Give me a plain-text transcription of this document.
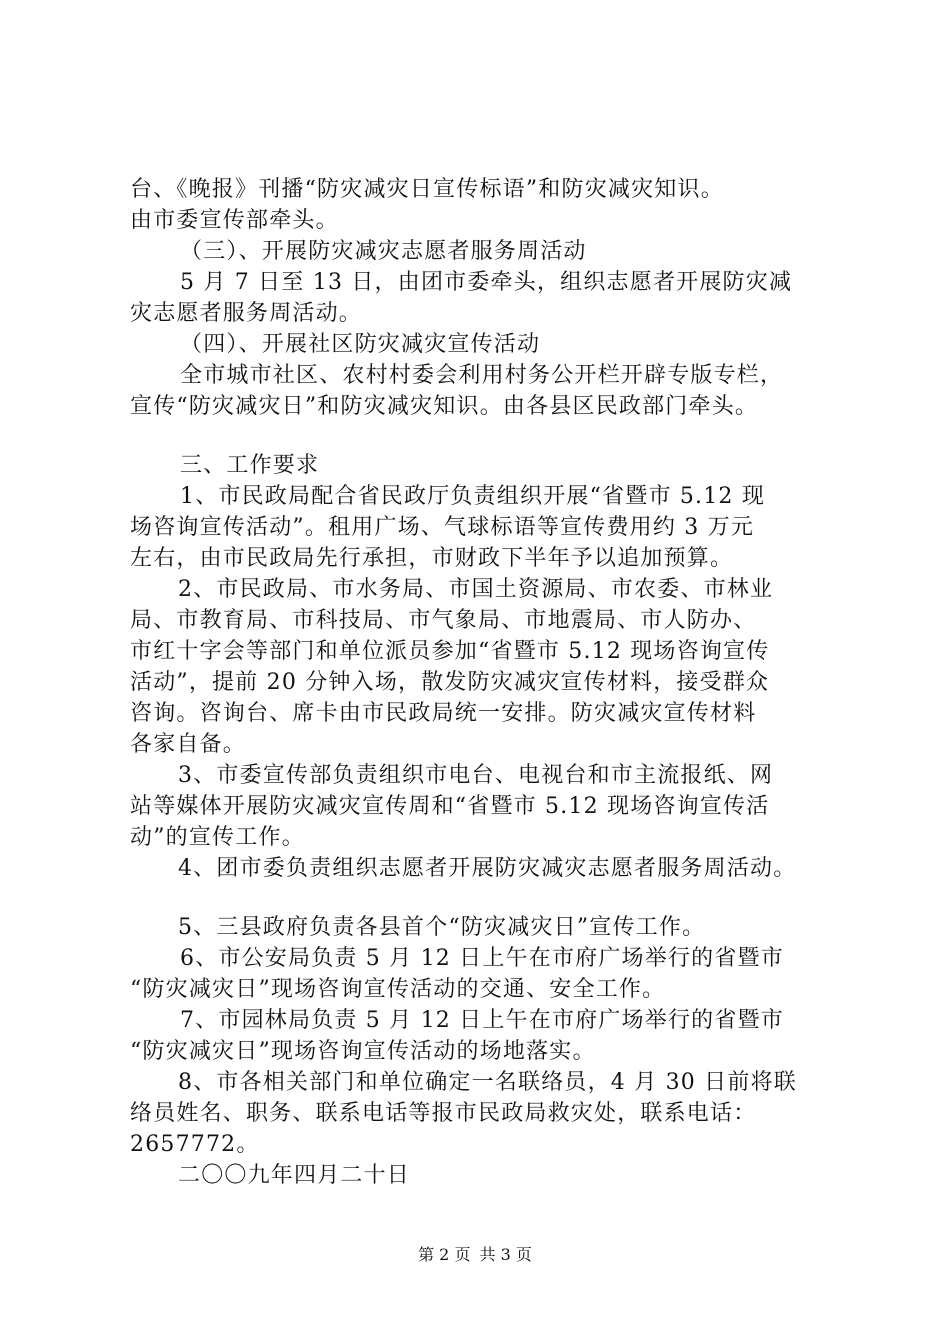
台、《晚报》刊播“防灾减灾日宣传标语”和防灾减灾知识。
由市委宣传部牵头。
（三）、开展防灾减灾志愿者服务周活动
5 月 7 日至 13 日，由团市委牵头，组织志愿者开展防灾减
灾志愿者服务周活动。
（四）、开展社区防灾减灾宣传活动
全市城市社区、农村村委会利用村务公开栏开辟专版专栏，
宣传“防灾减灾日”和防灾减灾知识。由各县区民政部门牵头。
三、工作要求
1、市民政局配合省民政厅负责组织开展“省暨市 5.12 现
场咨询宣传活动”。租用广场、气球标语等宣传费用约 3 万元
左右，由市民政局先行承担，市财政下半年予以追加预算。
2、市民政局、市水务局、市国土资源局、市农委、市林业
局、市教育局、市科技局、市气象局、市地震局、市人防办、
市红十字会等部门和单位派员参加“省暨市 5.12 现场咨询宣传
活动”，提前 20 分钟入场，散发防灾减灾宣传材料，接受群众
咨询。咨询台、席卡由市民政局统一安排。防灾减灾宣传材料
各家自备。
3、市委宣传部负责组织市电台、电视台和市主流报纸、网
站等媒体开展防灾减灾宣传周和“省暨市 5.12 现场咨询宣传活
动”的宣传工作。
4、团市委负责组织志愿者开展防灾减灾志愿者服务周活动。
5、三县政府负责各县首个“防灾减灾日”宣传工作。
6、市公安局负责 5 月 12 日上午在市府广场举行的省暨市
“防灾减灾日”现场咨询宣传活动的交通、安全工作。
7、市园林局负责 5 月 12 日上午在市府广场举行的省暨市
“防灾减灾日”现场咨询宣传活动的场地落实。
8、市各相关部门和单位确定一名联络员，4 月 30 日前将联
络员姓名、职务、联系电话等报市民政局救灾处，联系电话：
2657772。
二〇〇九年四月二十日
第 2 页 共 3 页
